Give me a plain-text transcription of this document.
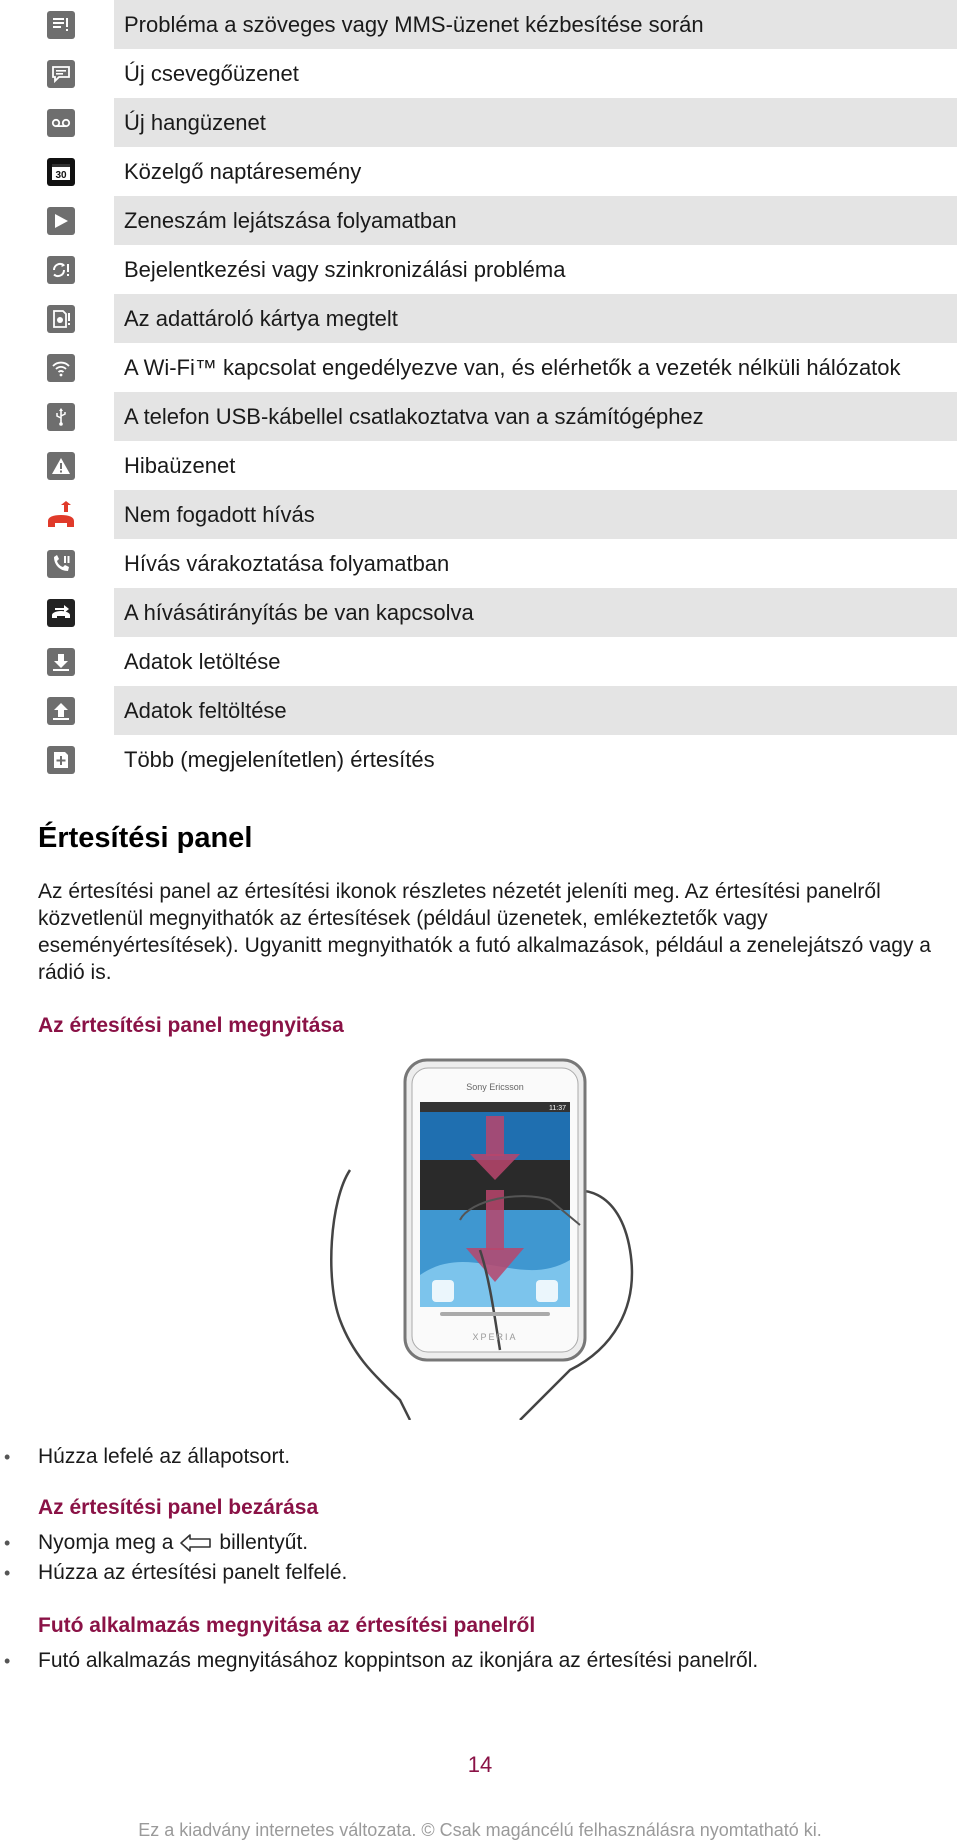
Probléma a szöveges vagy MMS-üzenet kézbesítése során
Új csevegőüzenet
Új hangüzenet
30	Közelgő naptáresemény
Zeneszám lejátszása folyamatban
Bejelentkezési vagy szinkronizálási probléma
Az adattároló kártya megtelt
A Wi-Fi™ kapcsolat engedélyezve van, és elérhetők a vezeték nélküli hálózatok
A telefon USB-kábellel csatlakoztatva van a számítógéphez
Hibaüzenet
Nem fogadott hívás
Hívás várakoztatása folyamatban
A hívásátirányítás be van kapcsolva
Adatok letöltése
Adatok feltöltése
Több (megjelenítetlen) értesítés
Értesítési panel

Az értesítési panel az értesítési ikonok részletes nézetét jeleníti meg. Az értesítési panelről közvetlenül megnyithatók az értesítések (például üzenetek, emlékeztetők vagy eseményértesítések). Ugyanitt megnyithatók a futó alkalmazások, például a zenelejátszó vagy a rádió is.

Az értesítési panel megnyitása

Sony Ericsson
11:37
XPERIA
•	Húzza lefelé az állapotsort.

Az értesítési panel bezárása

•	Nyomja meg a billentyűt.
•	Húzza az értesítési panelt felfelé.

Futó alkalmazás megnyitása az értesítési panelről

•	Futó alkalmazás megnyitásához koppintson az ikonjára az értesítési panelről.
14
Ez a kiadvány internetes változata. © Csak magáncélú felhasználásra nyomtatható ki.
